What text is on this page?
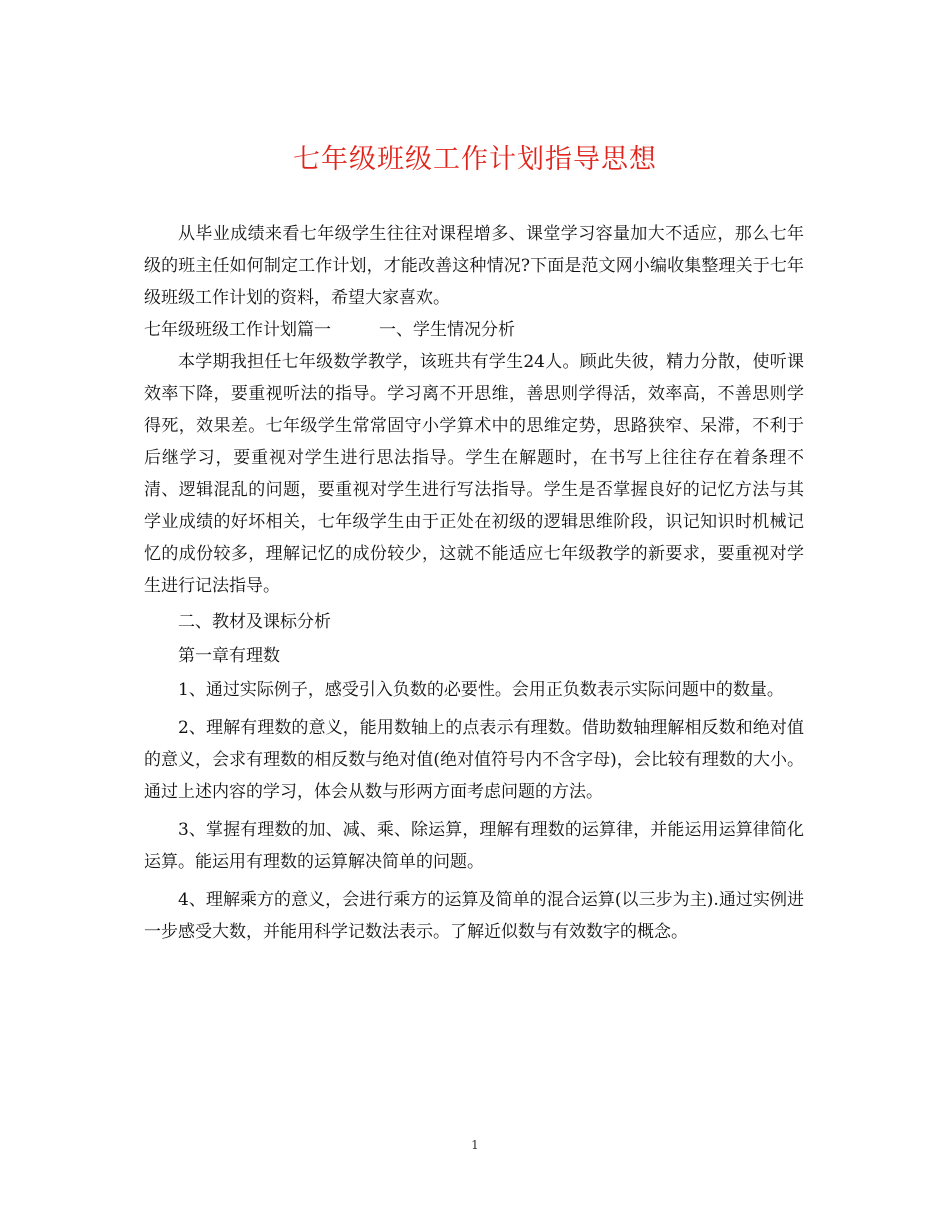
七年级班级工作计划指导思想

从毕业成绩来看七年级学生往往对课程增多、课堂学习容量加大不适应，那么七年级的班主任如何制定工作计划，才能改善这种情况?下面是范文网小编收集整理关于七年级班级工作计划的资料，希望大家喜欢。

七年级班级工作计划篇一	一、学生情况分析

本学期我担任七年级数学教学，该班共有学生24人。顾此失彼，精力分散，使听课效率下降，要重视听法的指导。学习离不开思维，善思则学得活，效率高，不善思则学得死，效果差。七年级学生常常固守小学算术中的思维定势，思路狭窄、呆滞，不利于后继学习，要重视对学生进行思法指导。学生在解题时，在书写上往往存在着条理不清、逻辑混乱的问题，要重视对学生进行写法指导。学生是否掌握良好的记忆方法与其学业成绩的好坏相关，七年级学生由于正处在初级的逻辑思维阶段，识记知识时机械记忆的成份较多，理解记忆的成份较少，这就不能适应七年级教学的新要求，要重视对学生进行记法指导。

二、教材及课标分析

第一章有理数

1、通过实际例子，感受引入负数的必要性。会用正负数表示实际问题中的数量。

2、理解有理数的意义，能用数轴上的点表示有理数。借助数轴理解相反数和绝对值的意义，会求有理数的相反数与绝对值(绝对值符号内不含字母)，会比较有理数的大小。通过上述内容的学习，体会从数与形两方面考虑问题的方法。

3、掌握有理数的加、减、乘、除运算，理解有理数的运算律，并能运用运算律简化运算。能运用有理数的运算解决简单的问题。

4、理解乘方的意义，会进行乘方的运算及简单的混合运算(以三步为主).通过实例进一步感受大数，并能用科学记数法表示。了解近似数与有效数字的概念。

1
